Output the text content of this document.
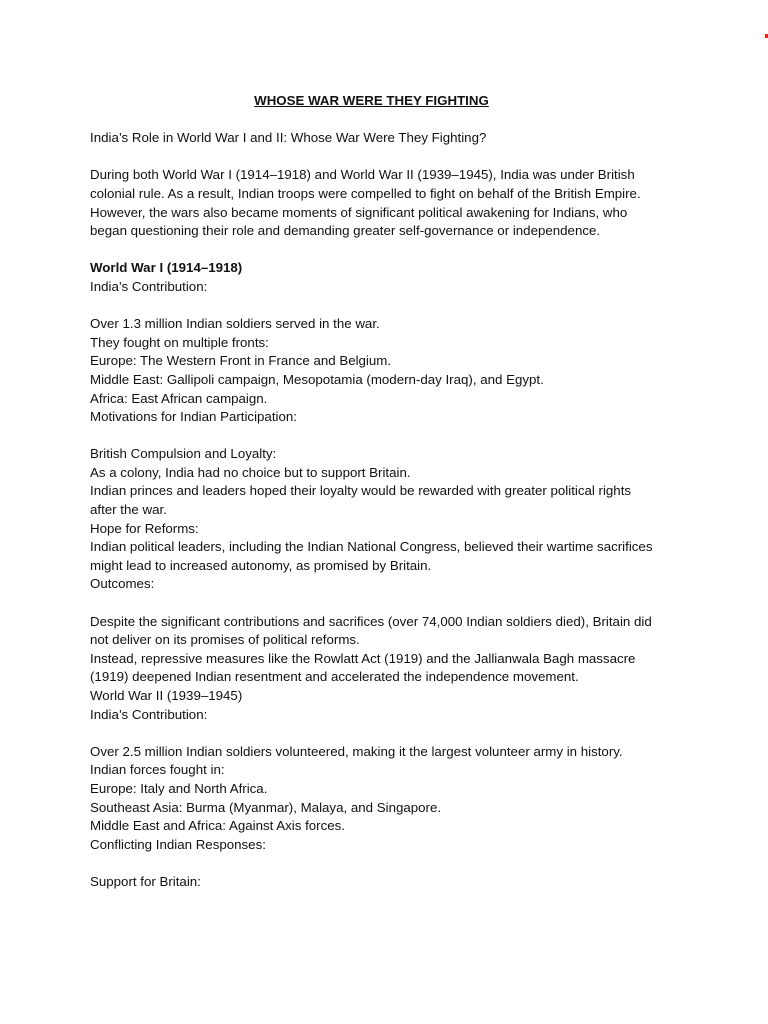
WHOSE WAR WERE THEY FIGHTING
India’s Role in World War I and II: Whose War Were They Fighting?
During both World War I (1914–1918) and World War II (1939–1945), India was under British
colonial rule. As a result, Indian troops were compelled to fight on behalf of the British Empire.
However, the wars also became moments of significant political awakening for Indians, who
began questioning their role and demanding greater self-governance or independence.
World War I (1914–1918)
India’s Contribution:
Over 1.3 million Indian soldiers served in the war.
They fought on multiple fronts:
Europe: The Western Front in France and Belgium.
Middle East: Gallipoli campaign, Mesopotamia (modern-day Iraq), and Egypt.
Africa: East African campaign.
Motivations for Indian Participation:
British Compulsion and Loyalty:
As a colony, India had no choice but to support Britain.
Indian princes and leaders hoped their loyalty would be rewarded with greater political rights
after the war.
Hope for Reforms:
Indian political leaders, including the Indian National Congress, believed their wartime sacrifices
might lead to increased autonomy, as promised by Britain.
Outcomes:
Despite the significant contributions and sacrifices (over 74,000 Indian soldiers died), Britain did
not deliver on its promises of political reforms.
Instead, repressive measures like the Rowlatt Act (1919) and the Jallianwala Bagh massacre
(1919) deepened Indian resentment and accelerated the independence movement.
World War II (1939–1945)
India’s Contribution:
Over 2.5 million Indian soldiers volunteered, making it the largest volunteer army in history.
Indian forces fought in:
Europe: Italy and North Africa.
Southeast Asia: Burma (Myanmar), Malaya, and Singapore.
Middle East and Africa: Against Axis forces.
Conflicting Indian Responses:
Support for Britain:
